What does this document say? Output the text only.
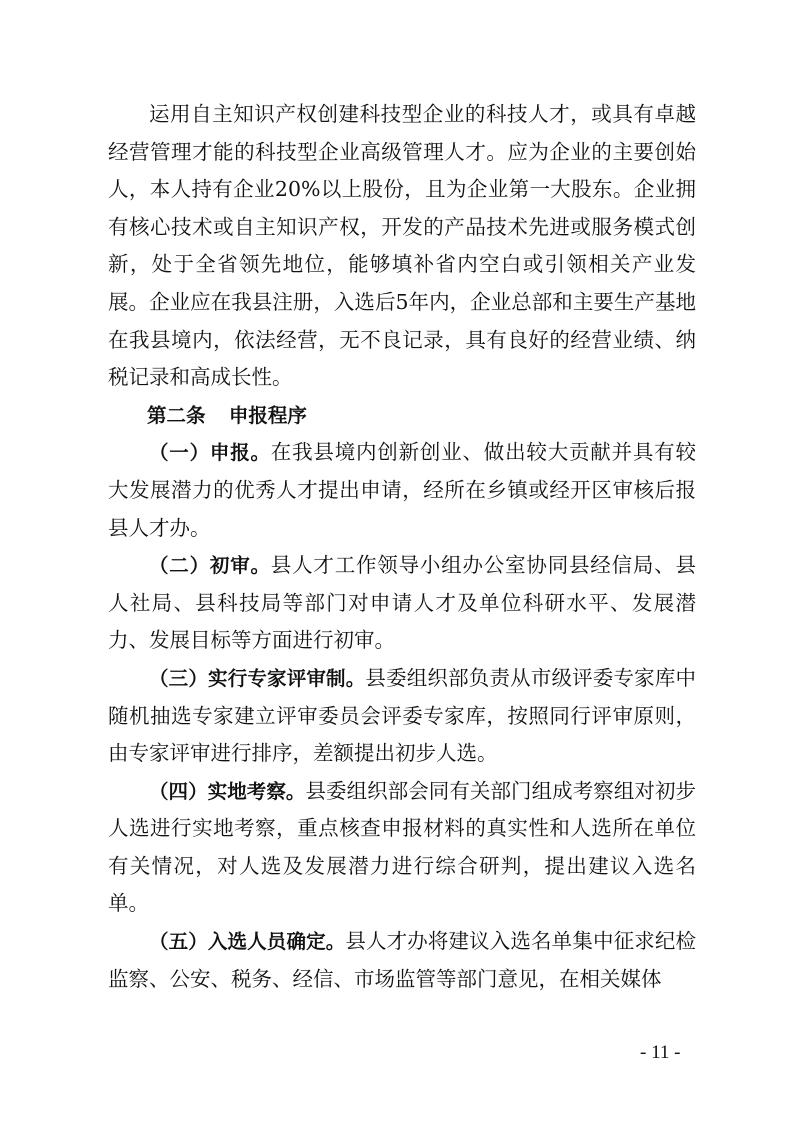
运用自主知识产权创建科技型企业的科技人才，或具有卓越经营管理才能的科技型企业高级管理人才。应为企业的主要创始人，本人持有企业20%以上股份，且为企业第一大股东。企业拥有核心技术或自主知识产权，开发的产品技术先进或服务模式创新，处于全省领先地位，能够填补省内空白或引领相关产业发展。企业应在我县注册，入选后5年内，企业总部和主要生产基地在我县境内，依法经营，无不良记录，具有良好的经营业绩、纳税记录和高成长性。

第二条 申报程序

（一）申报。在我县境内创新创业、做出较大贡献并具有较大发展潜力的优秀人才提出申请，经所在乡镇或经开区审核后报县人才办。

（二）初审。县人才工作领导小组办公室协同县经信局、县人社局、县科技局等部门对申请人才及单位科研水平、发展潜力、发展目标等方面进行初审。

（三）实行专家评审制。县委组织部负责从市级评委专家库中随机抽选专家建立评审委员会评委专家库，按照同行评审原则，由专家评审进行排序，差额提出初步人选。

（四）实地考察。县委组织部会同有关部门组成考察组对初步人选进行实地考察，重点核查申报材料的真实性和人选所在单位有关情况，对人选及发展潜力进行综合研判，提出建议入选名单。

（五）入选人员确定。县人才办将建议入选名单集中征求纪检监察、公安、税务、经信、市场监管等部门意见，在相关媒体

- 11 -
